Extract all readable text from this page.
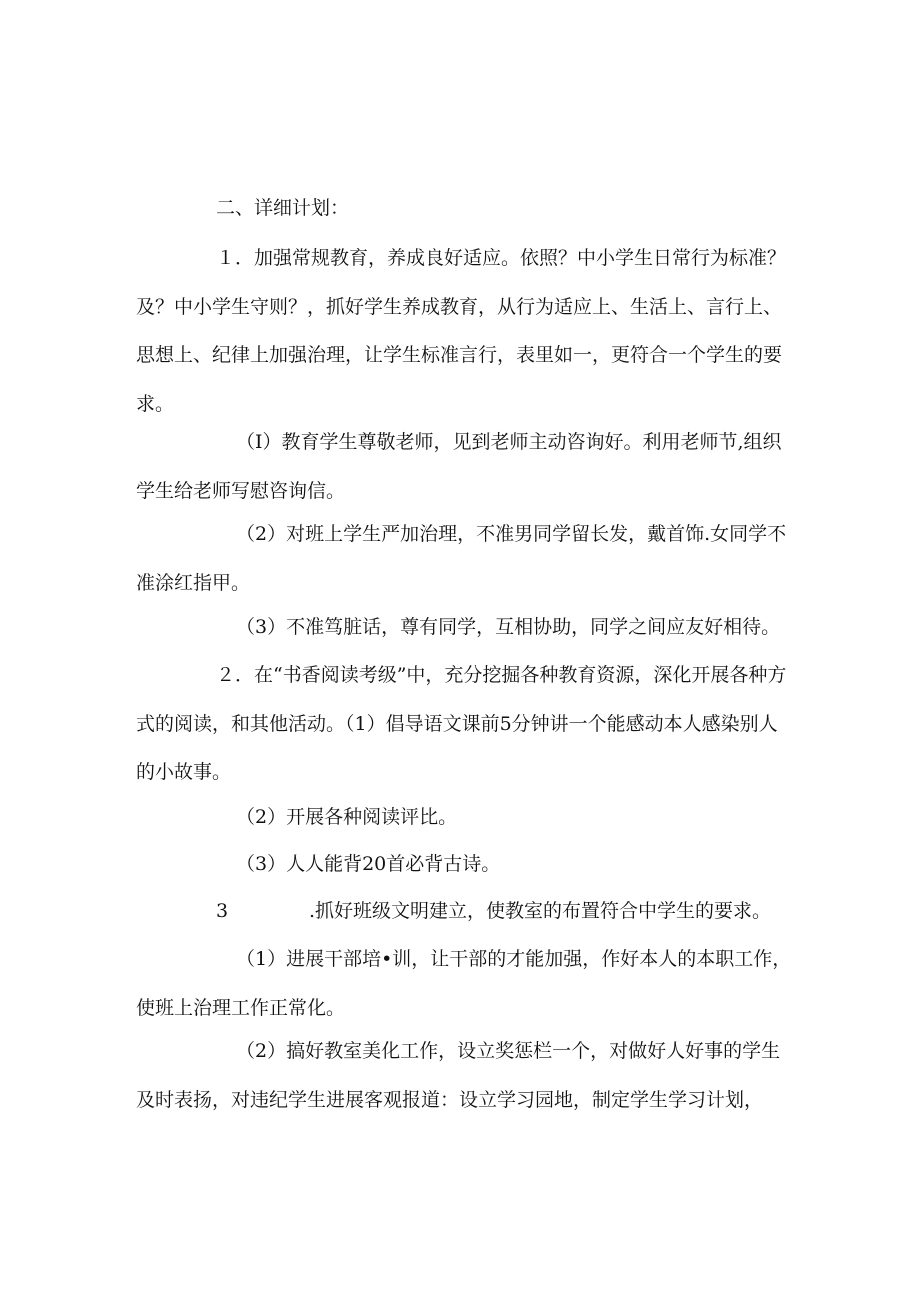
二、详细计划：

１．加强常规教育，养成良好适应。依照？中小学生日常行为标准？及？中小学生守则？，抓好学生养成教育，从行为适应上、生活上、言行上、思想上、纪律上加强治理，让学生标准言行，表里如一，更符合一个学生的要求。

（I）教育学生尊敬老师，见到老师主动咨询好。利用老师节,组织学生给老师写慰咨询信。

（2）对班上学生严加治理，不准男同学留长发，戴首饰.女同学不准涂红指甲。

（3）不准笃脏话，尊有同学，互相协助，同学之间应友好相待。

２．在“书香阅读考级”中，充分挖掘各种教育资源，深化开展各种方式的阅读，和其他活动。（1）倡导语文课前5分钟讲一个能感动本人感染别人的小故事。

（2）开展各种阅读评比。

（3）人人能背20首必背古诗。

3	.抓好班级文明建立，使教室的布置符合中学生的要求。

（1）进展干部培•训，让干部的才能加强，作好本人的本职工作，使班上治理工作正常化。

（2）搞好教室美化工作，设立奖惩栏一个，对做好人好事的学生及时表扬，对违纪学生进展客观报道：设立学习园地，制定学生学习计划，
